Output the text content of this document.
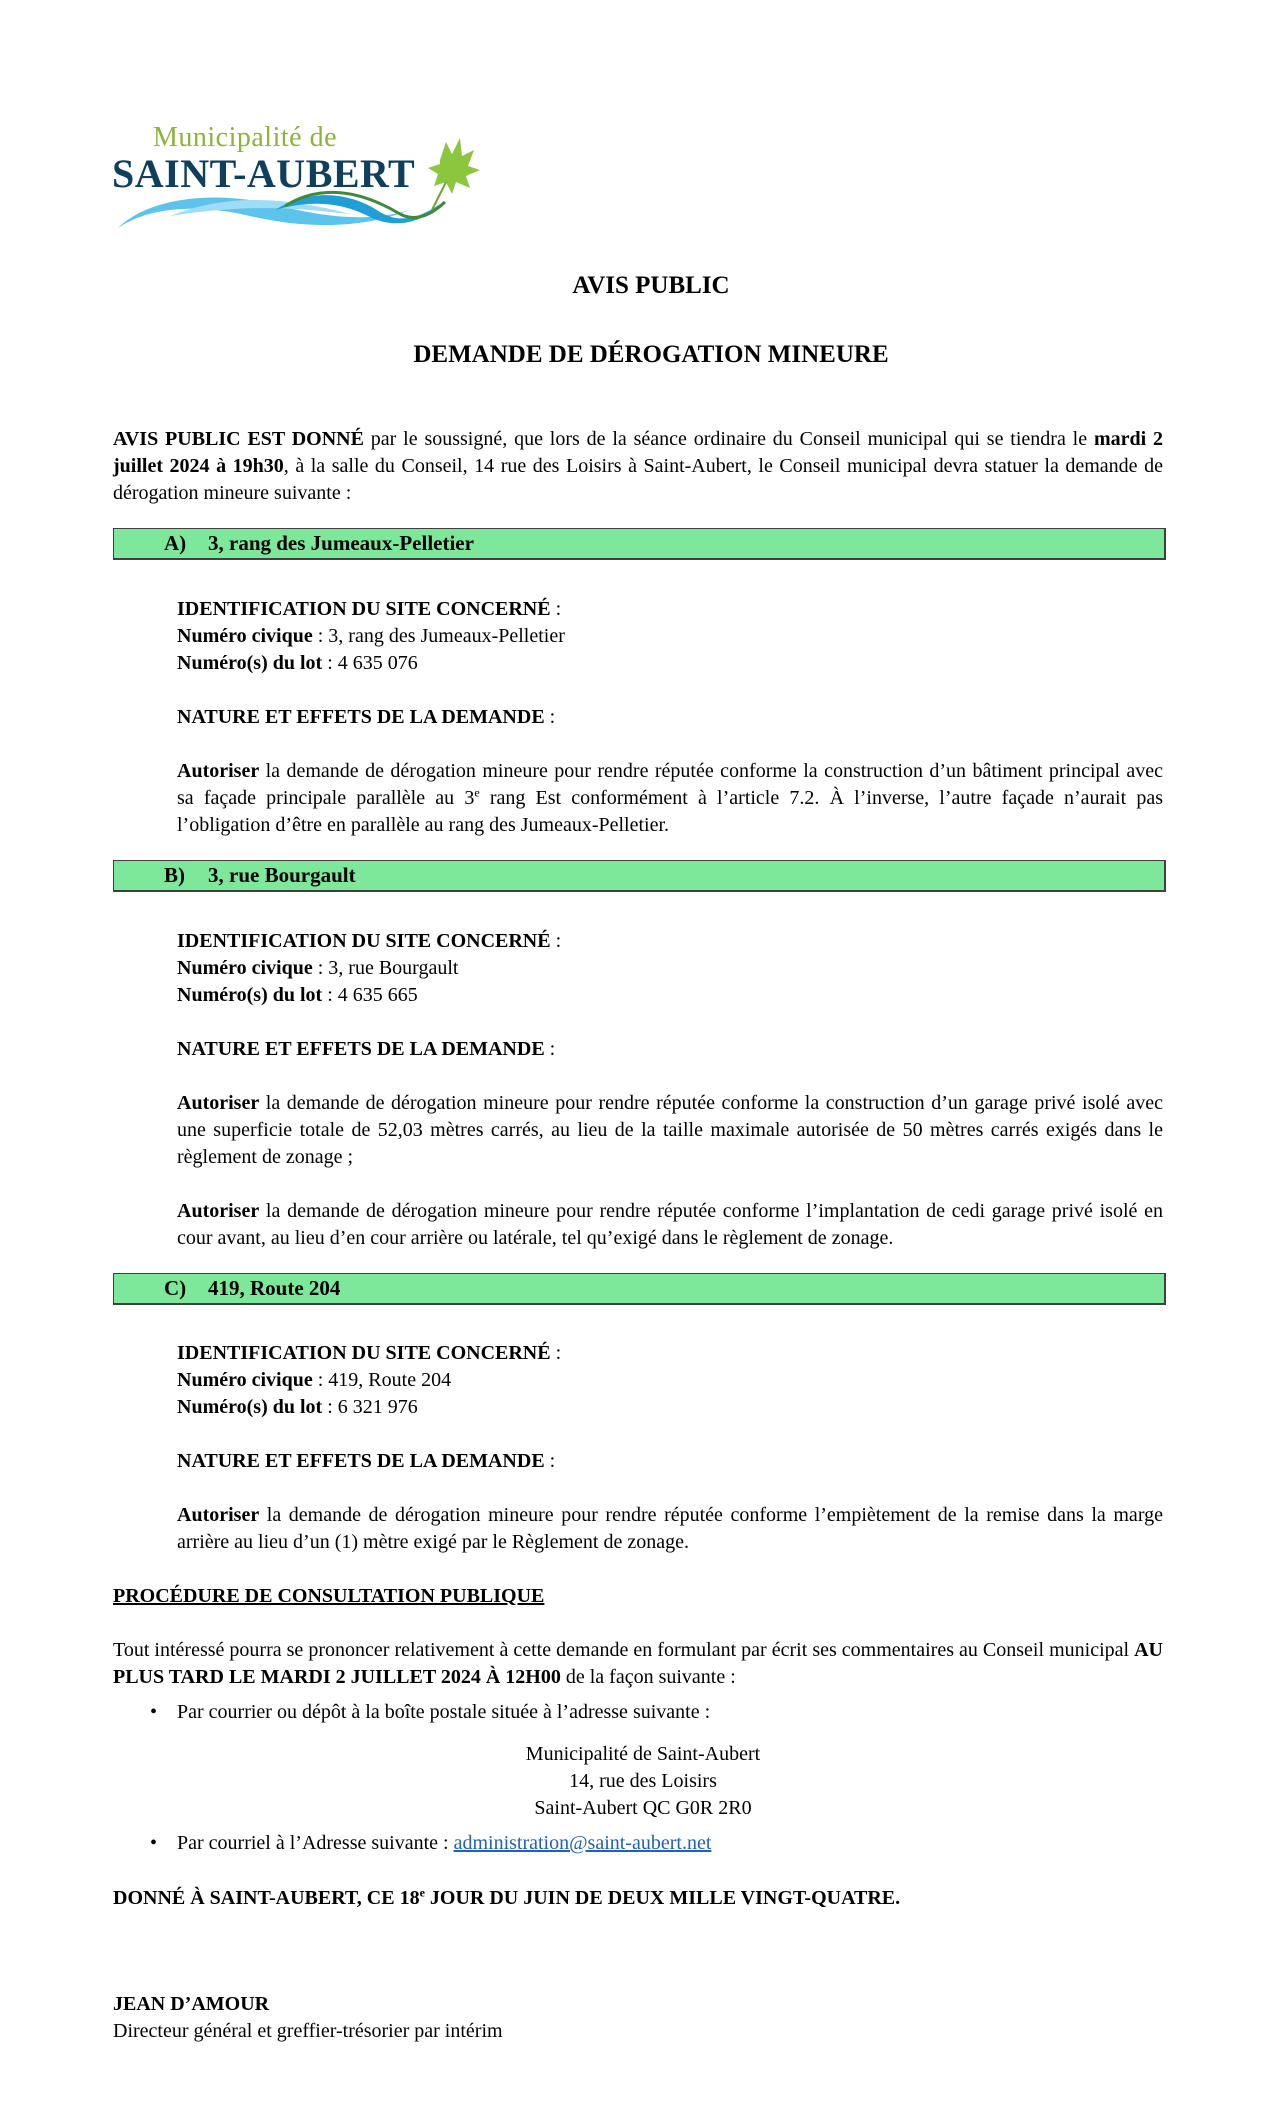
Municipalité de
SAINT-AUBERT
AVIS PUBLIC
DEMANDE DE DÉROGATION MINEURE
AVIS PUBLIC EST DONNÉ par le soussigné, que lors de la séance ordinaire du Conseil municipal qui se tiendra le mardi 2 juillet 2024 à 19h30, à la salle du Conseil, 14 rue des Loisirs à Saint-Aubert, le Conseil municipal devra statuer la demande de dérogation mineure suivante :
A) 3, rang des Jumeaux-Pelletier
IDENTIFICATION DU SITE CONCERNÉ :
Numéro civique : 3, rang des Jumeaux-Pelletier
Numéro(s) du lot : 4 635 076
NATURE ET EFFETS DE LA DEMANDE :
Autoriser la demande de dérogation mineure pour rendre réputée conforme la construction d’un bâtiment principal avec sa façade principale parallèle au 3e rang Est conformément à l’article 7.2. À l’inverse, l’autre façade n’aurait pas l’obligation d’être en parallèle au rang des Jumeaux-Pelletier.
B) 3, rue Bourgault
IDENTIFICATION DU SITE CONCERNÉ :
Numéro civique : 3, rue Bourgault
Numéro(s) du lot : 4 635 665
NATURE ET EFFETS DE LA DEMANDE :
Autoriser la demande de dérogation mineure pour rendre réputée conforme la construction d’un garage privé isolé avec une superficie totale de 52,03 mètres carrés, au lieu de la taille maximale autorisée de 50 mètres carrés exigés dans le règlement de zonage ;
Autoriser la demande de dérogation mineure pour rendre réputée conforme l’implantation de cedi garage privé isolé en cour avant, au lieu d’en cour arrière ou latérale, tel qu’exigé dans le règlement de zonage.
C) 419, Route 204
IDENTIFICATION DU SITE CONCERNÉ :
Numéro civique : 419, Route 204
Numéro(s) du lot : 6 321 976
NATURE ET EFFETS DE LA DEMANDE :
Autoriser la demande de dérogation mineure pour rendre réputée conforme l’empiètement de la remise dans la marge arrière au lieu d’un (1) mètre exigé par le Règlement de zonage.
PROCÉDURE DE CONSULTATION PUBLIQUE
Tout intéressé pourra se prononcer relativement à cette demande en formulant par écrit ses commentaires au Conseil municipal AU PLUS TARD LE MARDI 2 JUILLET 2024 À 12H00 de la façon suivante :
• Par courrier ou dépôt à la boîte postale située à l’adresse suivante :
Municipalité de Saint-Aubert
14, rue des Loisirs
Saint-Aubert QC G0R 2R0
• Par courriel à l’Adresse suivante : administration@saint-aubert.net
DONNÉ À SAINT-AUBERT, CE 18e JOUR DU JUIN DE DEUX MILLE VINGT-QUATRE.
JEAN D’AMOUR
Directeur général et greffier-trésorier par intérim
